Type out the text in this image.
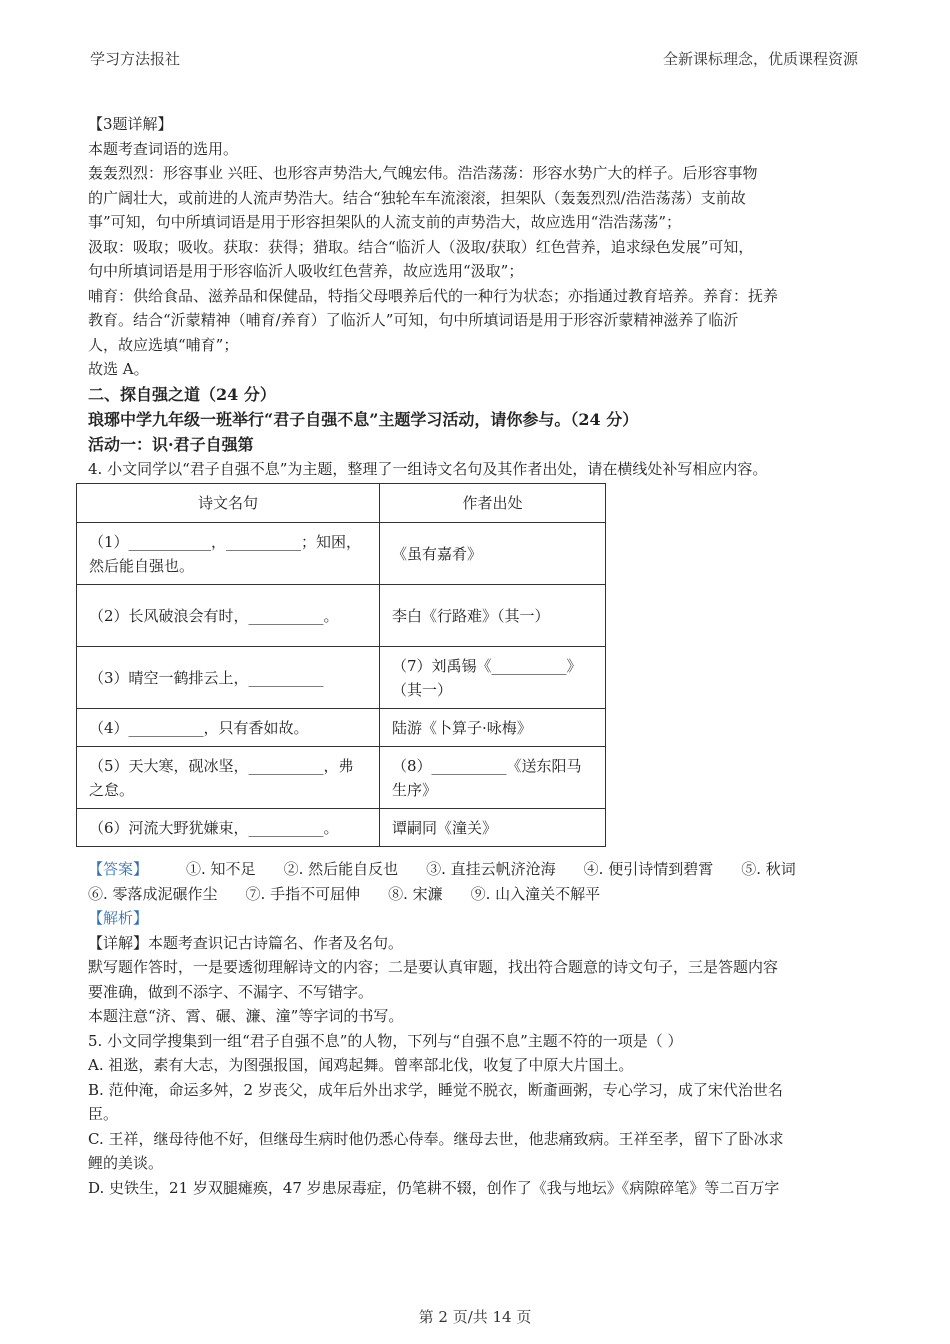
学习方法报社	全新课标理念，优质课程资源

【3题详解】

本题考查词语的选用。

轰轰烈烈：形容事业 兴旺、也形容声势浩大,气魄宏伟。浩浩荡荡：形容水势广大的样子。后形容事物

的广阔壮大，或前进的人流声势浩大。结合“独轮车车流滚滚，担架队（轰轰烈烈/浩浩荡荡）支前故

事”可知，句中所填词语是用于形容担架队的人流支前的声势浩大，故应选用“浩浩荡荡”；

汲取：吸取；吸收。获取：获得；猎取。结合“临沂人（汲取/获取）红色营养，追求绿色发展”可知，

句中所填词语是用于形容临沂人吸收红色营养，故应选用“汲取”；

哺育：供给食品、滋养品和保健品，特指父母喂养后代的一种行为状态；亦指通过教育培养。养育：抚养

教育。结合“沂蒙精神（哺育/养育）了临沂人”可知，句中所填词语是用于形容沂蒙精神滋养了临沂

人，故应选填“哺育”；

故选 A。

二、探自强之道（24 分）

琅琊中学九年级一班举行“君子自强不息”主题学习活动，请你参与。（24 分）

活动一：识·君子自强第

4. 小文同学以“君子自强不息”为主题，整理了一组诗文名句及其作者出处，请在横线处补写相应内容。

诗文名句	作者出处
（1）___________，__________；知困，然后能自强也。	《虽有嘉肴》
（2）长风破浪会有时，__________。	李白《行路难》（其一）
（3）晴空一鹤排云上，__________	（7）刘禹锡《__________》（其一）
（4）__________，只有香如故。	陆游《卜算子·咏梅》
（5）天大寒，砚冰坚，__________，弗之怠。	（8）__________《送东阳马生序》
（6）河流大野犹嫌束，__________。	谭嗣同《潼关》
【答案】	①. 知不足 ②. 然后能自反也 ③. 直挂云帆济沧海 ④. 便引诗情到碧霄 ⑤. 秋词
⑥. 零落成泥碾作尘 ⑦. 手指不可屈伸 ⑧. 宋濂 ⑨. 山入潼关不解平

【解析】

【详解】本题考查识记古诗篇名、作者及名句。

默写题作答时，一是要透彻理解诗文的内容；二是要认真审题，找出符合题意的诗文句子，三是答题内容

要准确，做到不添字、不漏字、不写错字。

本题注意“济、霄、碾、濂、潼”等字词的书写。

5. 小文同学搜集到一组“君子自强不息”的人物，下列与“自强不息”主题不符的一项是（ ）

A. 祖逖，素有大志，为图强报国，闻鸡起舞。曾率部北伐，收复了中原大片国土。

B. 范仲淹，命运多舛，2 岁丧父，成年后外出求学，睡觉不脱衣，断齑画粥，专心学习，成了宋代治世名

臣。

C. 王祥，继母待他不好，但继母生病时他仍悉心侍奉。继母去世，他悲痛致病。王祥至孝，留下了卧冰求

鲤的美谈。

D. 史铁生，21 岁双腿瘫痪，47 岁患尿毒症，仍笔耕不辍，创作了《我与地坛》《病隙碎笔》等二百万字

第 2 页/共 14 页
